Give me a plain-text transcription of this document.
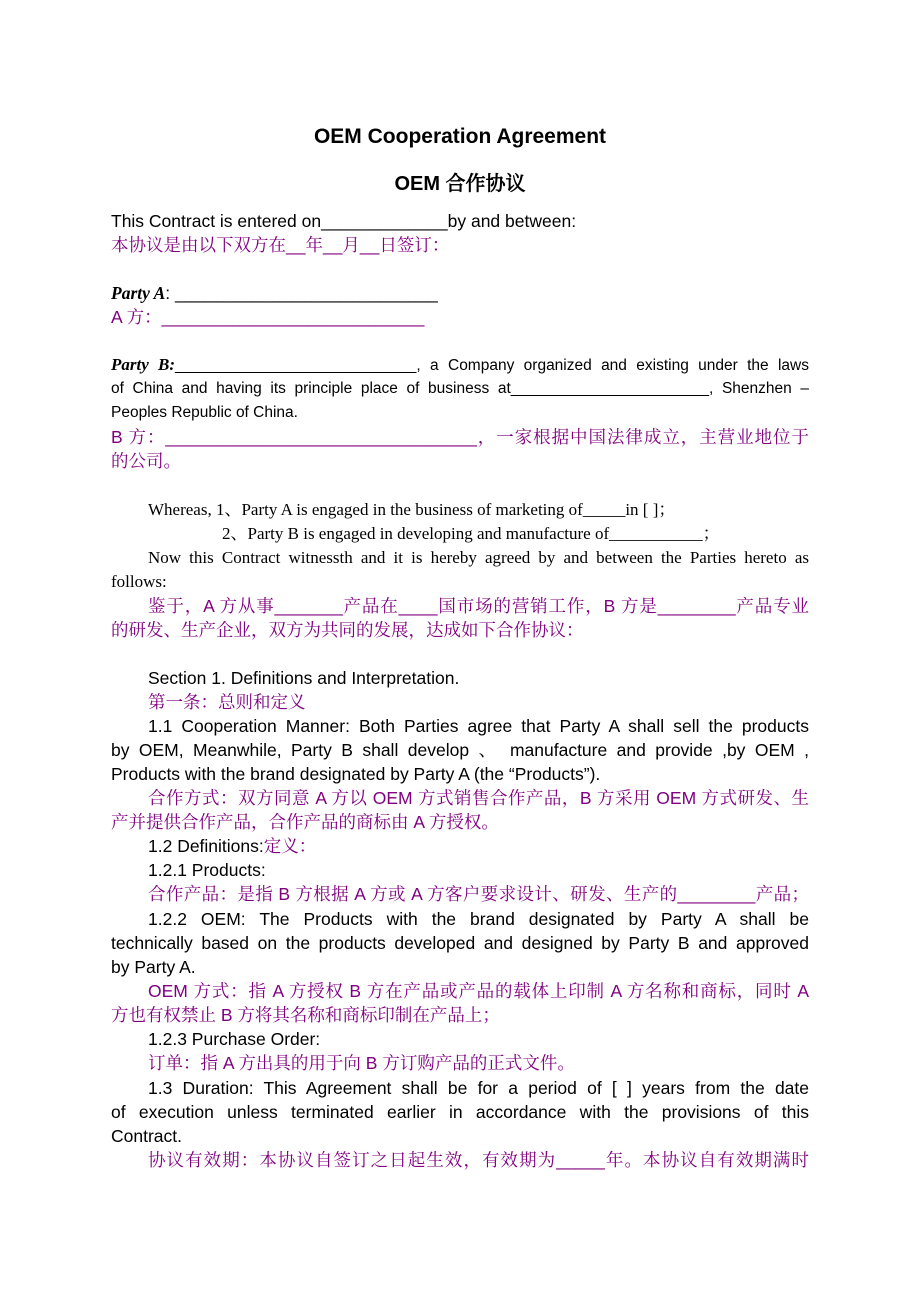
OEM Cooperation Agreement
OEM 合作协议

This Contract is entered on_____________by and between:

本协议是由以下双方在__年__月__日签订：

Party A: ___________________________

A 方：___________________________

Party B:____________________________, a Company organized and existing under the laws

of China and having its principle place of business at_______________________, Shenzhen –

Peoples Republic of China.

B 方：________________________________，一家根据中国法律成立，主营业地位于

的公司。

Whereas, 1、Party A is engaged in the business of marketing of_____in [ ]；

2、Party B is engaged in developing and manufacture of___________；

Now this Contract witnessth and it is hereby agreed by and between the Parties hereto as

follows:

鉴于，A 方从事_______产品在____国市场的营销工作，B 方是________产品专业

的研发、生产企业，双方为共同的发展，达成如下合作协议：

Section 1. Definitions and Interpretation.

第一条：总则和定义

1.1 Cooperation Manner: Both Parties agree that Party A shall sell the products

by OEM, Meanwhile, Party B shall develop 、 manufacture and provide ,by OEM ,

Products with the brand designated by Party A (the “Products”).

合作方式：双方同意 A 方以 OEM 方式销售合作产品，B 方采用 OEM 方式研发、生

产并提供合作产品，合作产品的商标由 A 方授权。

1.2 Definitions:定义：

1.2.1 Products:

合作产品：是指 B 方根据 A 方或 A 方客户要求设计、研发、生产的________产品；

1.2.2 OEM: The Products with the brand designated by Party A shall be

technically based on the products developed and designed by Party B and approved

by Party A.

OEM 方式：指 A 方授权 B 方在产品或产品的载体上印制 A 方名称和商标，同时 A

方也有权禁止 B 方将其名称和商标印制在产品上；

1.2.3 Purchase Order:

订单：指 A 方出具的用于向 B 方订购产品的正式文件。

1.3 Duration: This Agreement shall be for a period of [ ] years from the date

of execution unless terminated earlier in accordance with the provisions of this

Contract.

协议有效期：本协议自签订之日起生效，有效期为_____年。本协议自有效期满时
